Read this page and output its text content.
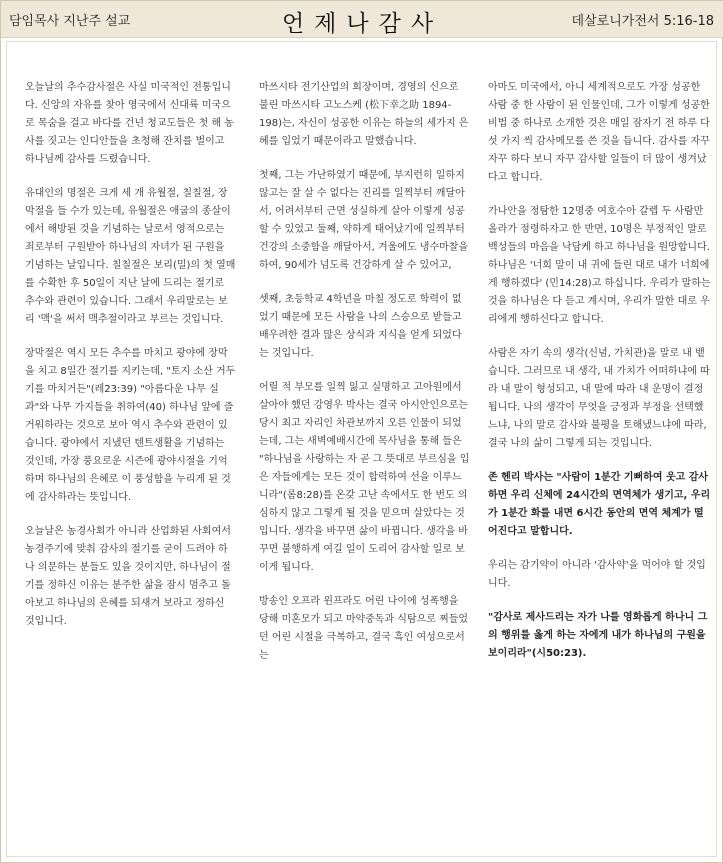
담임목사 지난주 설교	언제나감사	데살로니가전서 5:16-18

오늘날의 추수감사절은 사실 미국적인 전통입니다. 신앙의 자유를 찾아 영국에서 신대륙 미국으로 목숨을 걸고 바다를 건넌 청교도들은 첫 해 농사를 짓고는 인디안들을 초청해 잔치를 벌이고 하나님께 감사를 드렸습니다.

유대인의 명절은 크게 세 개 유월절, 칠칠절, 장막절을 들 수가 있는데, 유월절은 애굽의 종살이에서 해방된 것을 기념하는 날로서 영적으로는 죄로부터 구원받아 하나님의 자녀가 된 구원을 기념하는 날입니다. 칠칠절은 보리(밀)의 첫 열매를 수확한 후 50일이 지난 날에 드리는 절기로 추수와 관련이 있습니다. 그래서 우리말로는 보리 '맥'을 써서 맥추절이라고 부르는 것입니다.

장막절은 역시 모든 추수를 마치고 광야에 장막을 치고 8일간 절기를 지키는데, "토지 소산 거두기를 마치거든"(레23:39) "아름다운 나무 실과"와 나무 가지들을 취하여(40) 하나님 앞에 즐거워하라는 것으로 보아 역시 추수와 관련이 있습니다. 광야에서 지냈던 텐트생활을 기념하는 것인데, 가장 풍요로운 시즌에 광야시절을 기억하며 하나님의 은혜로 이 풍성함을 누리게 된 것에 감사하라는 뜻입니다.

오늘날은 농경사회가 아니라 산업화된 사회여서 농경주기에 맞춰 감사의 절기를 굳이 드려야 하나 의문하는 분들도 있을 것이지만, 하나님이 절기를 정하신 이유는 분주한 삶을 잠시 멈추고 돌아보고 하나님의 은혜를 되새겨 보라고 정하신 것입니다.

마쓰시타 전기산업의 회장이며, 경영의 신으로 불린 마쓰시타 고노스케 (松下幸之助 1894- 198)는, 자신이 성공한 이유는 하늘의 세가지 은혜를 입었기 때문이라고 말했습니다.

첫째, 그는 가난하였기 때문에, 부지런히 일하지 않고는 잘 살 수 없다는 진리를 일찍부터 깨달아서, 어려서부터 근면 성실하게 살아 이렇게 성공할 수 있었고 둘째, 약하게 태어났기에 일찍부터 건강의 소중함을 깨달아서, 겨울에도 냉수마찰을 하여, 90세가 넘도록 건강하게 살 수 있어고,

셋째, 초등학교 4학년을 마칠 정도로 학력이 없었기 때문에 모든 사람을 나의 스승으로 받들고 배우려한 결과 많은 상식과 지식을 얻게 되었다는 것입니다.

어릴 적 부모를 일찍 잃고 실명하고 고아원에서 살아야 했던 강영우 박사는 결국 아시안인으로는 당시 최고 자리인 차관보까지 오른 인물이 되었는데, 그는 새벽예배시간에 목사님을 통해 들은 "하나님을 사랑하는 자 곧 그 뜻대로 부르심을 입은 자들에게는 모든 것이 합력하여 선을 이루느니라"(롬8:28)를 온갖 고난 속에서도 한 번도 의심하지 않고 그렇게 될 것을 믿으며 살았다는 것입니다. 생각을 바꾸면 삶이 바뀝니다. 생각을 바꾸면 불행하게 여길 일이 도리어 감사할 일로 보이게 됩니다.

방송인 오프라 윈프라도 어린 나이에 성폭행을 당해 미혼모가 되고 마약중독과 식탐으로 찌들었던 어린 시절을 극복하고, 결국 흑인 여성으로서는

아마도 미국에서, 아니 세계적으로도 가장 성공한 사람 중 한 사람이 된 인물인데, 그가 이렇게 성공한 비법 중 하나로 소개한 것은 매일 잠자기 전 하루 다섯 가지 씩 감사메모를 쓴 것을 듭니다. 감사를 자꾸자꾸 하다 보니 자꾸 감사할 일들이 더 많이 생겨났다고 합니다.

가나안을 정탐한 12명중 여호수아 갈렙 두 사람만 올라가 점령하자고 한 반면, 10명은 부정적인 말로 백성들의 마음을 낙담케 하고 하나님을 원망합니다. 하나님은 '너희 말이 내 귀에 들린 대로 내가 너희에게 행하겠다' (민14:28)고 하십니다. 우리가 말하는 것을 하나님은 다 듣고 계시며, 우리가 말한 대로 우리에게 행하신다고 합니다.

사람은 자기 속의 생각(신념, 가치관)을 말로 내 뱉습니다. 그러므로 내 생각, 내 가치가 어떠하냐에 따라 내 말이 형성되고, 내 말에 따라 내 운명이 결정됩니다. 나의 생각이 무엇을 긍정과 부정을 선택했느냐, 나의 말로 감사와 불평을 토해냈느냐에 따라, 결국 나의 삶이 그렇게 되는 것입니다.

존 헨리 박사는 "사람이 1분간 기뻐하여 웃고 감사하면 우리 신체에 24시간의 면역체가 생기고, 우리가 1분간 화를 내면 6시간 동안의 면역 체계가 떨어진다고 말합니다.

우리는 감기약이 아니라 '감사약'을 먹어야 할 것입니다.

"감사로 제사드리는 자가 나를 영화롭게 하나니 그의 행위를 옳게 하는 자에게 내가 하나님의 구원을 보이리라"(시50:23).
